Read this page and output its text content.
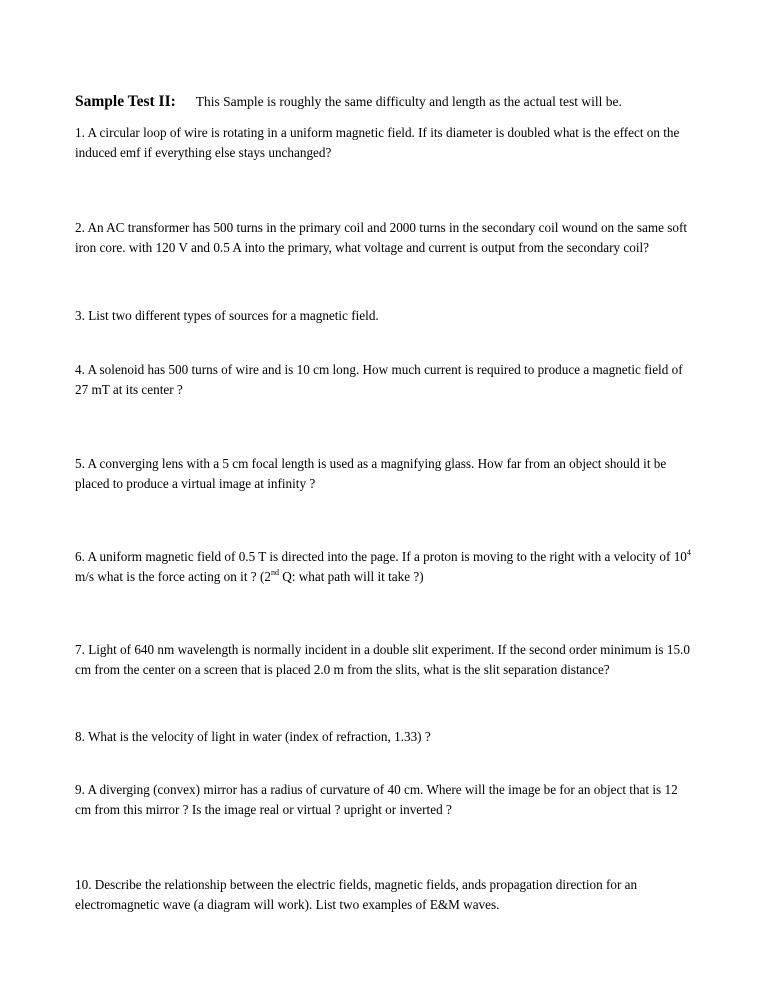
Sample Test II: This Sample is roughly the same difficulty and length as the actual test will be.
1. A circular loop of wire is rotating in a uniform magnetic field. If its diameter is doubled what is the effect on the induced emf if everything else stays unchanged?
2. An AC transformer has 500 turns in the primary coil and 2000 turns in the secondary coil wound on the same soft iron core. with 120 V and 0.5 A into the primary, what voltage and current is output from the secondary coil?
3. List two different types of sources for a magnetic field.
4. A solenoid has 500 turns of wire and is 10 cm long. How much current is required to produce a magnetic field of 27 mT at its center ?
5. A converging lens with a 5 cm focal length is used as a magnifying glass. How far from an object should it be placed to produce a virtual image at infinity ?
6. A uniform magnetic field of 0.5 T is directed into the page. If a proton is moving to the right with a velocity of $10^4$ m/s what is the force acting on it ? (2nd Q: what path will it take ?)
7. Light of 640 nm wavelength is normally incident in a double slit experiment. If the second order minimum is 15.0 cm from the center on a screen that is placed 2.0 m from the slits, what is the slit separation distance?
8. What is the velocity of light in water (index of refraction, 1.33) ?
9. A diverging (convex) mirror has a radius of curvature of 40 cm. Where will the image be for an object that is 12 cm from this mirror ? Is the image real or virtual ? upright or inverted ?
10. Describe the relationship between the electric fields, magnetic fields, ands propagation direction for an electromagnetic wave (a diagram will work). List two examples of E&M waves.
